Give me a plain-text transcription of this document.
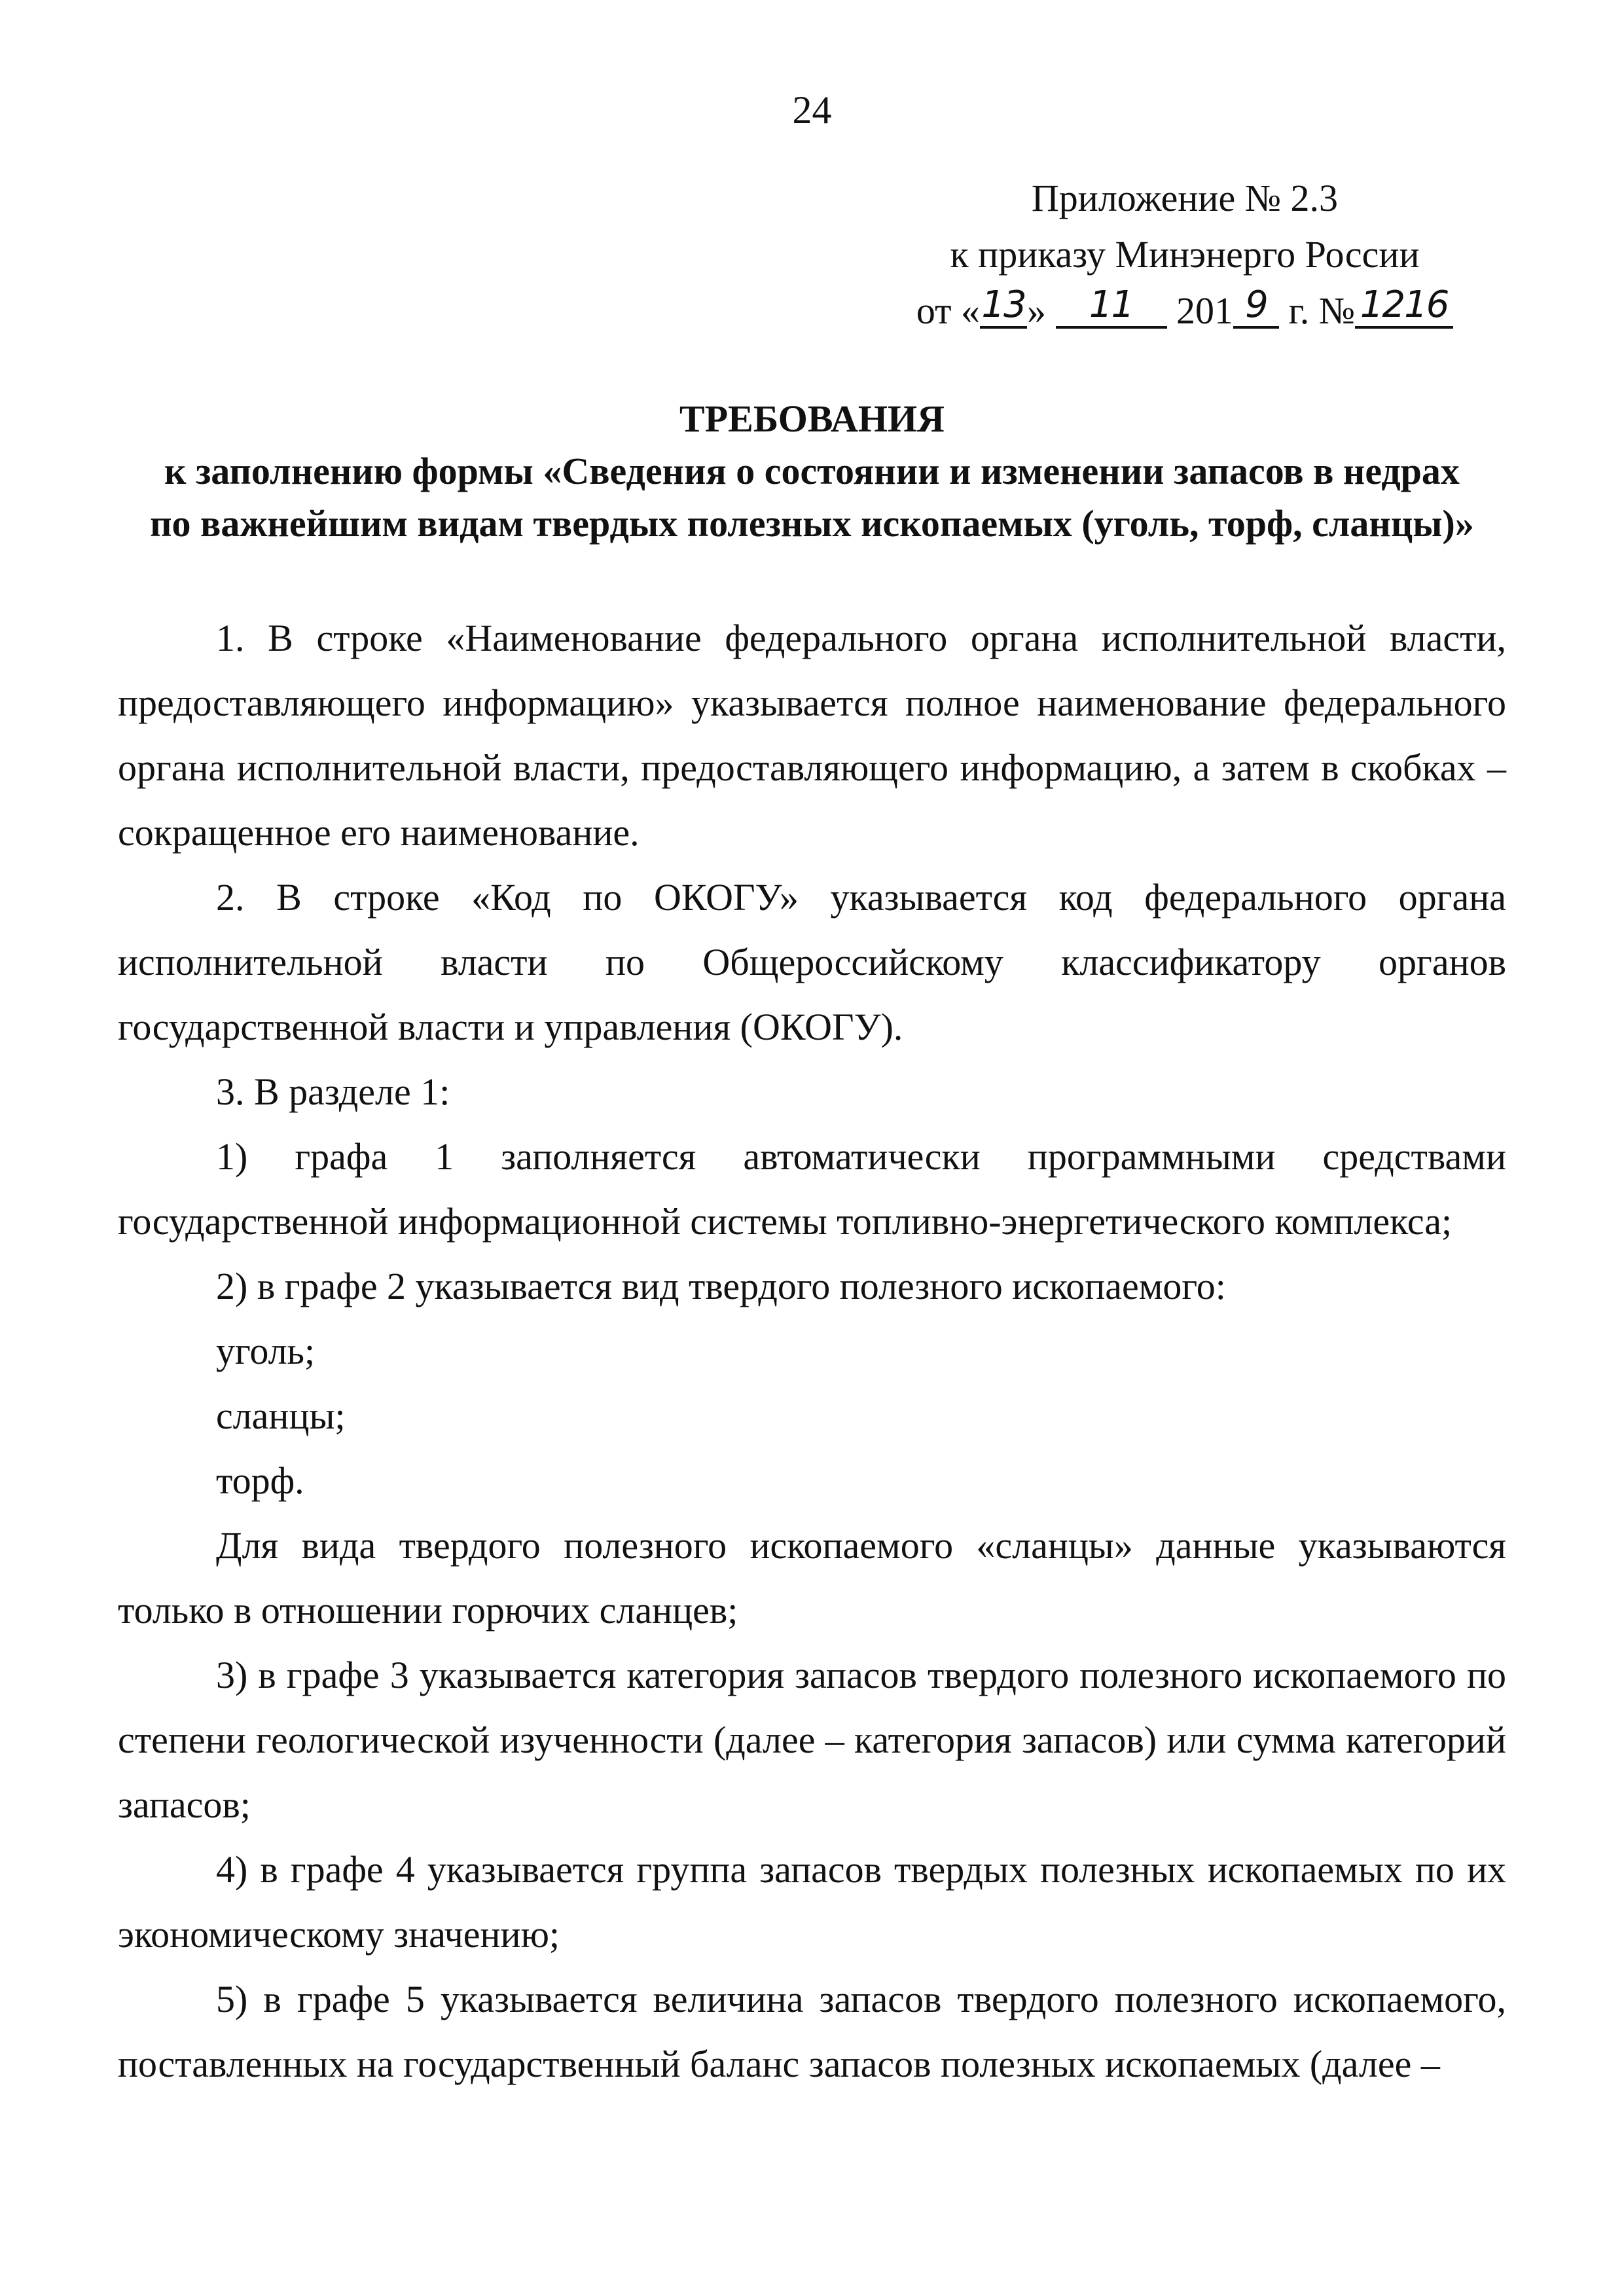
24
Приложение № 2.3
к приказу Минэнерго России
от «13» 11 201 9 г. № 1216
ТРЕБОВАНИЯ
к заполнению формы «Сведения о состоянии и изменении запасов в недрах
по важнейшим видам твердых полезных ископаемых (уголь, торф, сланцы)»

1. В строке «Наименование федерального органа исполнительной власти, предоставляющего информацию» указывается полное наименование федерального органа исполнительной власти, предоставляющего информацию, а затем в скобках – сокращенное его наименование.

2. В строке «Код по ОКОГУ» указывается код федерального органа исполнительной власти по Общероссийскому классификатору органов государственной власти и управления (ОКОГУ).

3. В разделе 1:

1) графа 1 заполняется автоматически программными средствами государственной информационной системы топливно-энергетического комплекса;

2) в графе 2 указывается вид твердого полезного ископаемого:

уголь;

сланцы;

торф.

Для вида твердого полезного ископаемого «сланцы» данные указываются только в отношении горючих сланцев;

3) в графе 3 указывается категория запасов твердого полезного ископаемого по степени геологической изученности (далее – категория запасов) или сумма категорий запасов;

4) в графе 4 указывается группа запасов твердых полезных ископаемых по их экономическому значению;

5) в графе 5 указывается величина запасов твердого полезного ископаемого, поставленных на государственный баланс запасов полезных ископаемых (далее –
